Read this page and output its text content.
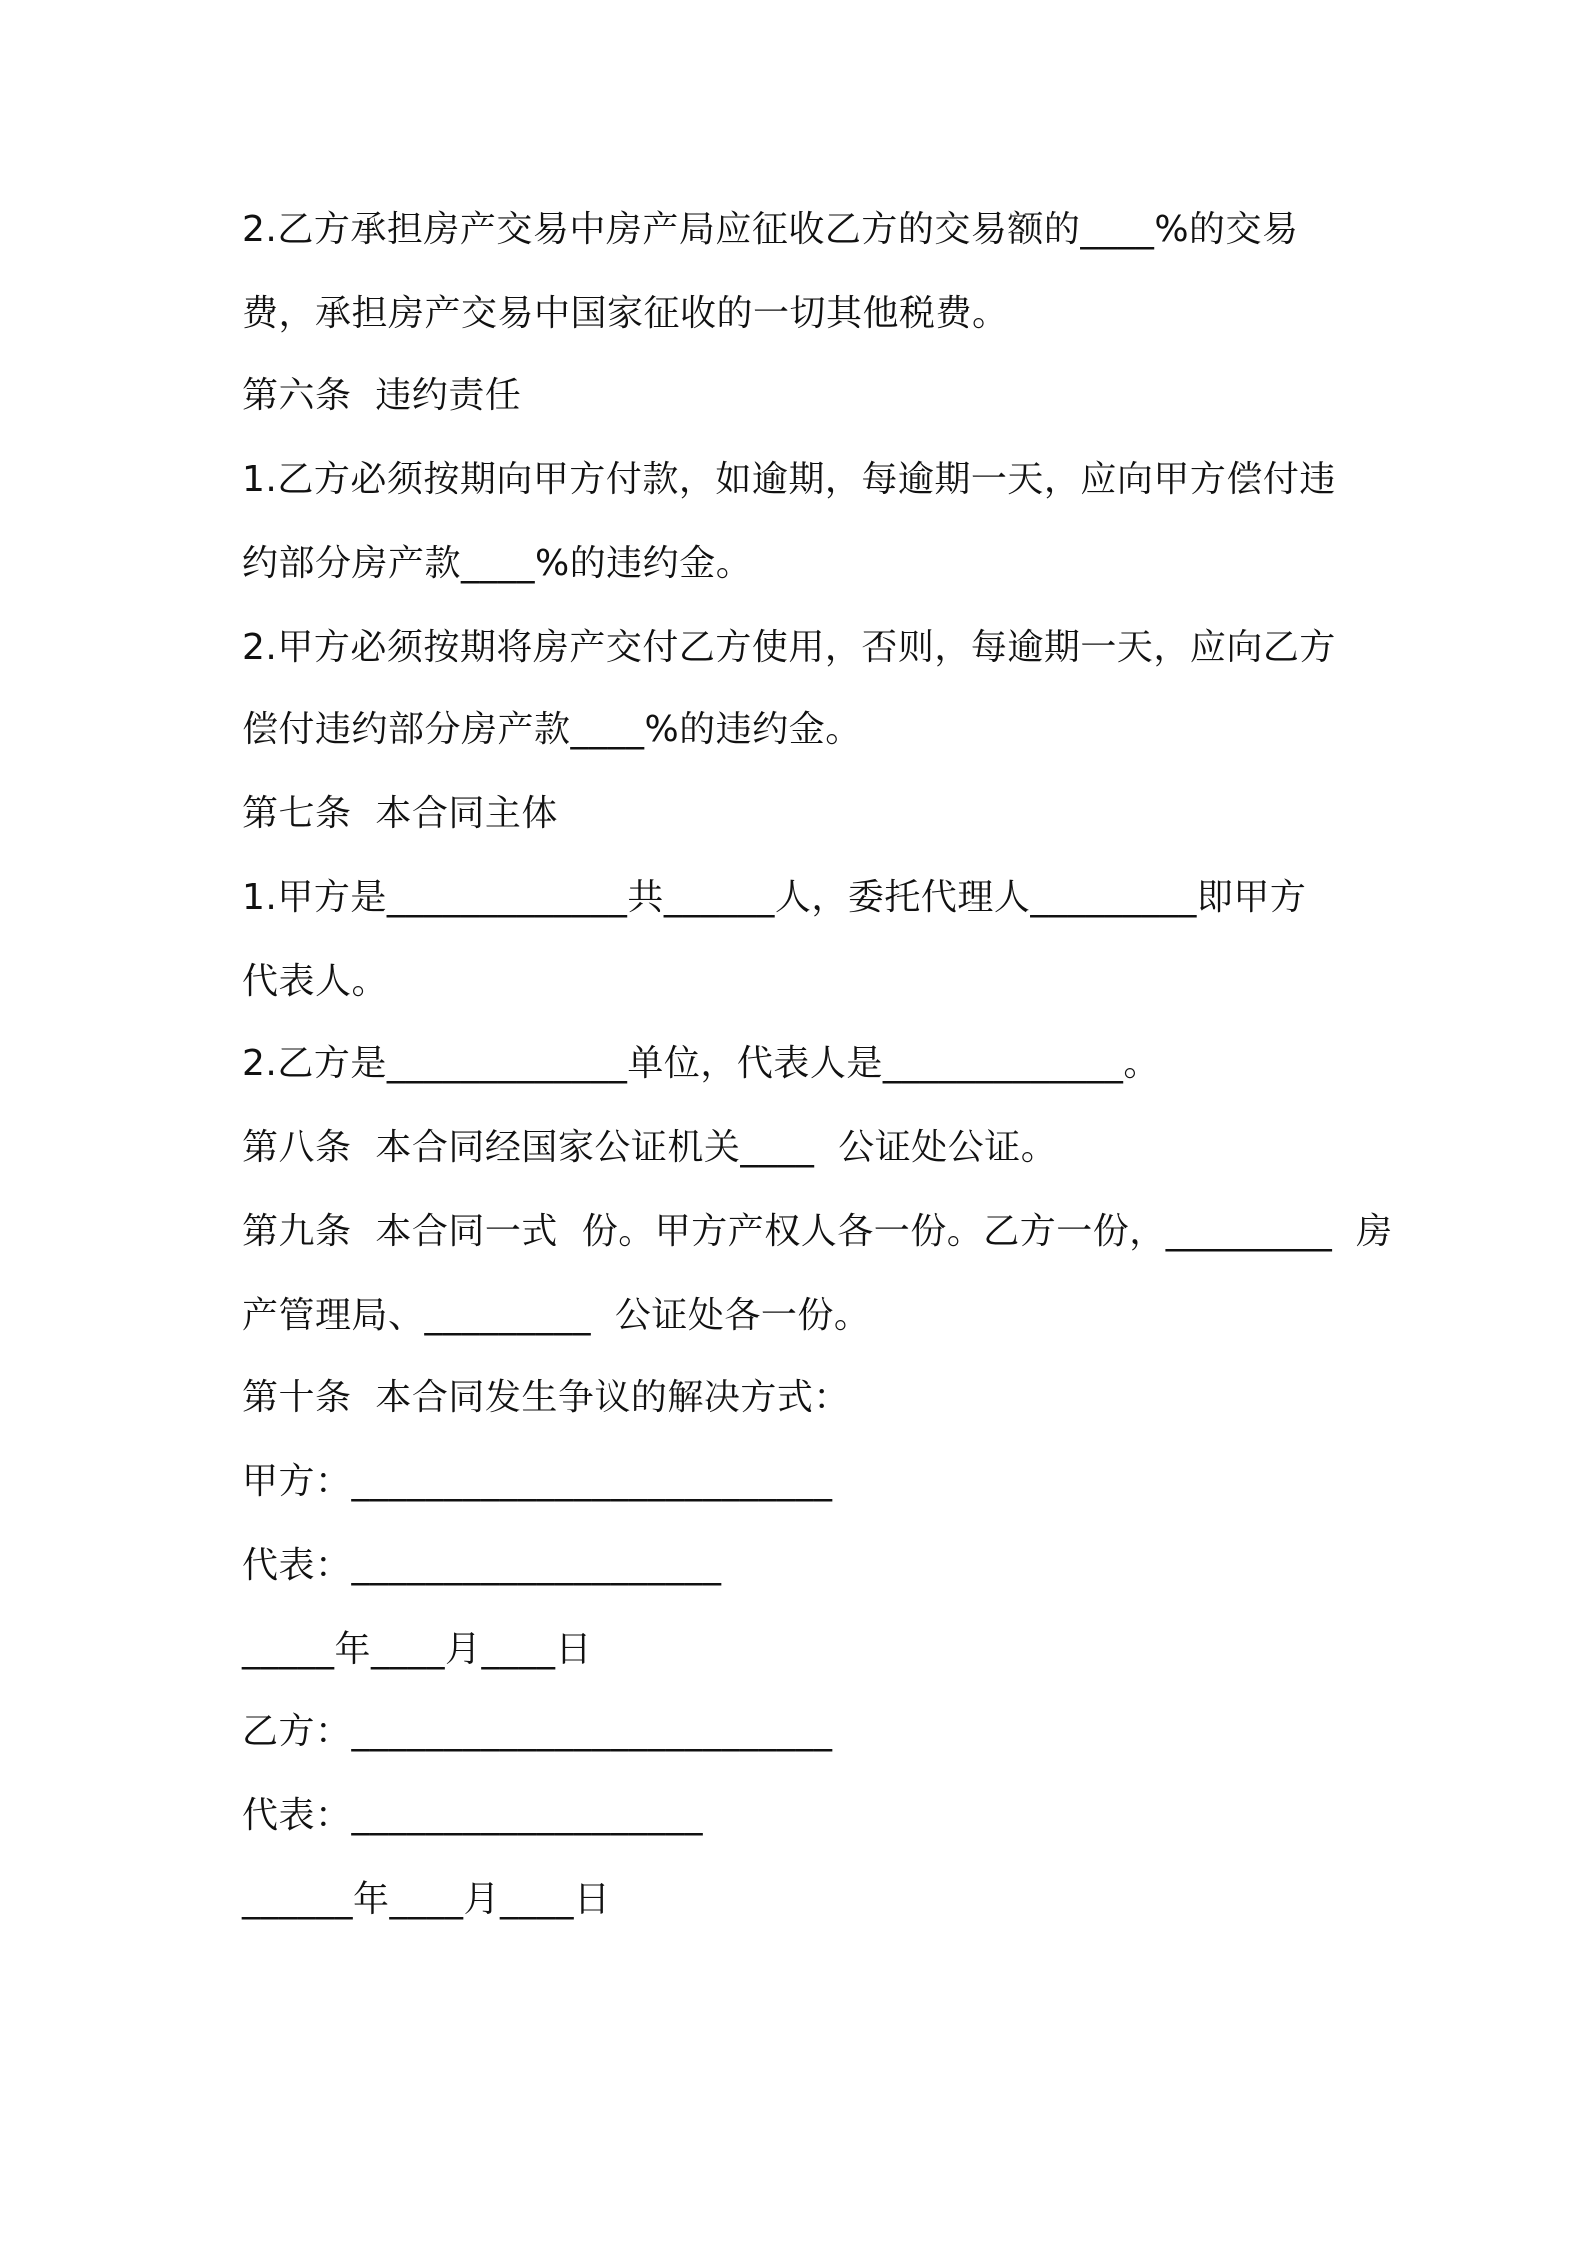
2.乙方承担房产交易中房产局应征收乙方的交易额的____%的交易
费，承担房产交易中国家征收的一切其他税费。
第六条  违约责任
1.乙方必须按期向甲方付款，如逾期，每逾期一天，应向甲方偿付违
约部分房产款____%的违约金。
2.甲方必须按期将房产交付乙方使用，否则，每逾期一天，应向乙方
偿付违约部分房产款____%的违约金。
第七条  本合同主体
1.甲方是_____________共______人，委托代理人_________即甲方
代表人。
2.乙方是_____________单位，代表人是_____________。
第八条  本合同经国家公证机关____  公证处公证。
第九条  本合同一式  份。甲方产权人各一份。乙方一份，_________  房
产管理局、_________  公证处各一份。
第十条  本合同发生争议的解决方式：
甲方：__________________________
代表：____________________
_____年____月____日
乙方：__________________________
代表：___________________
______年____月____日
